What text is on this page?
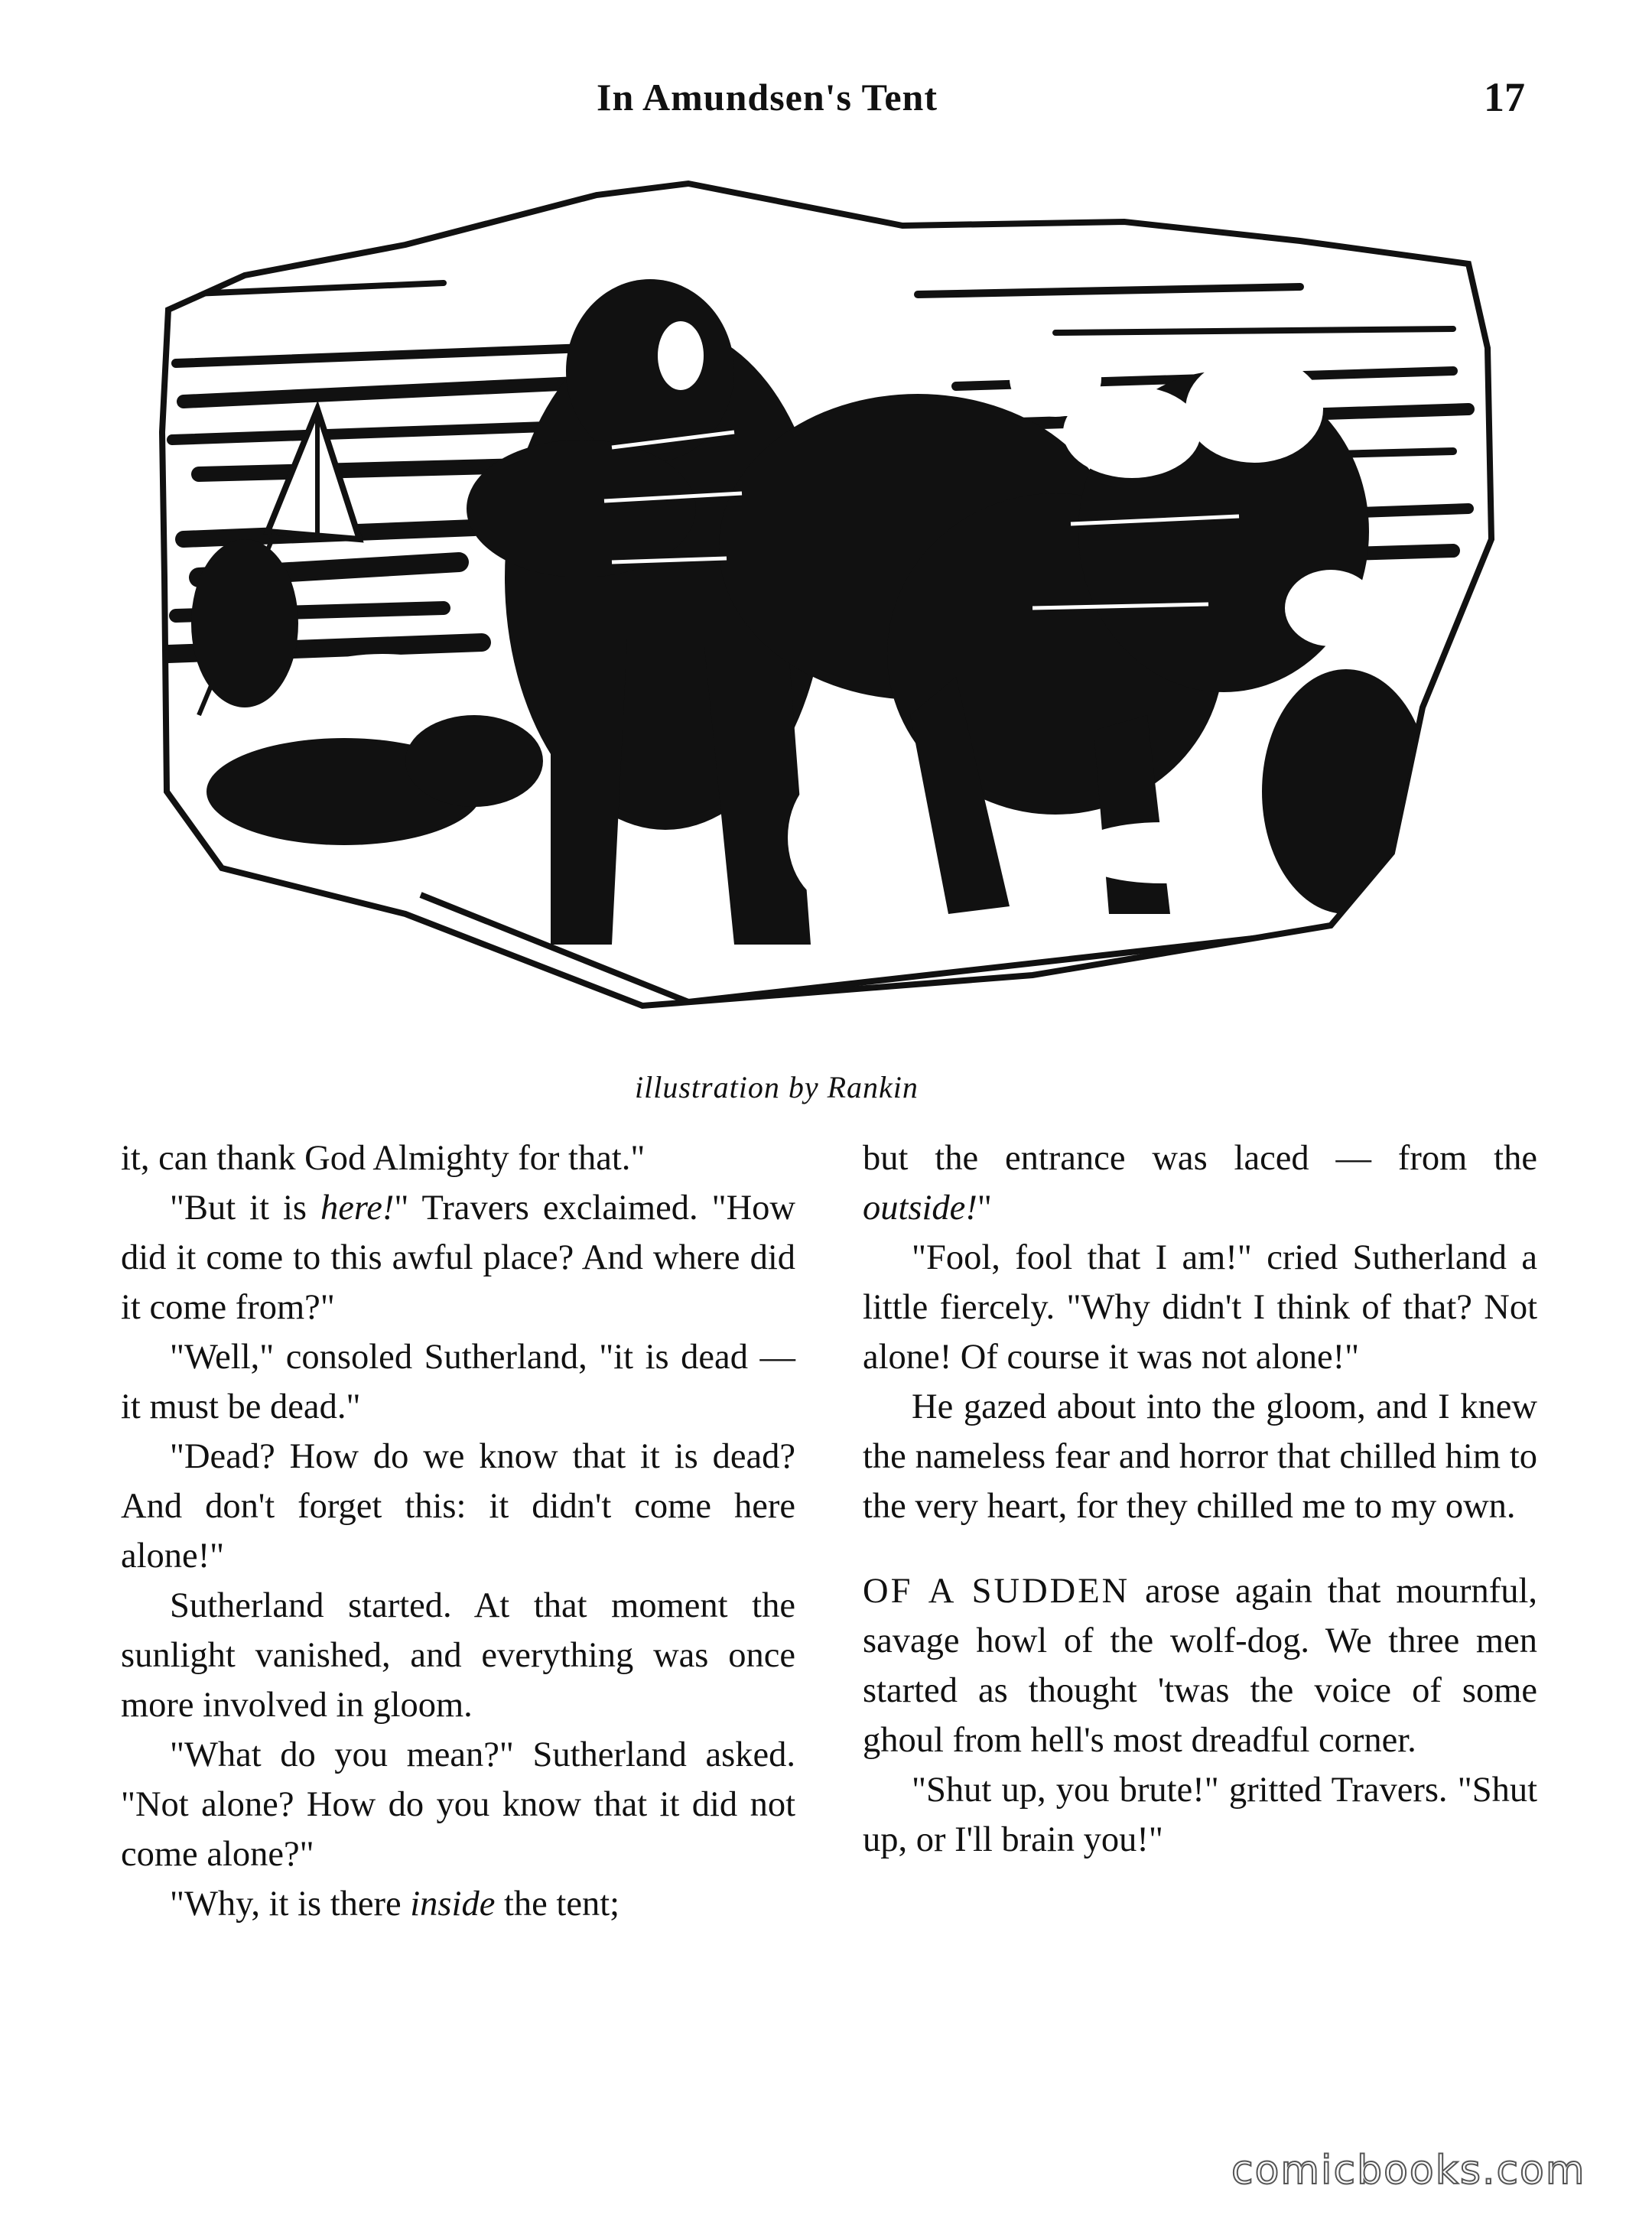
In Amundsen's Tent	17
illustration by Rankin

it, can thank God Almighty for that."

"But it is here!" Travers exclaimed. "How did it come to this awful place? And where did it come from?"

"Well," consoled Sutherland, "it is dead — it must be dead."

"Dead? How do we know that it is dead? And don't forget this: it didn't come here alone!"

Sutherland started. At that moment the sunlight vanished, and everything was once more involved in gloom.

"What do you mean?" Sutherland asked. "Not alone? How do you know that it did not come alone?"

"Why, it is there inside the tent;

but the entrance was laced — from the outside!"

"Fool, fool that I am!" cried Sutherland a little fiercely. "Why didn't I think of that? Not alone! Of course it was not alone!"

He gazed about into the gloom, and I knew the nameless fear and horror that chilled him to the very heart, for they chilled me to my own.

OF A SUDDEN arose again that mournful, savage howl of the wolf-dog. We three men started as thought 'twas the voice of some ghoul from hell's most dreadful corner.

"Shut up, you brute!" gritted Travers. "Shut up, or I'll brain you!"

comicbooks.com
